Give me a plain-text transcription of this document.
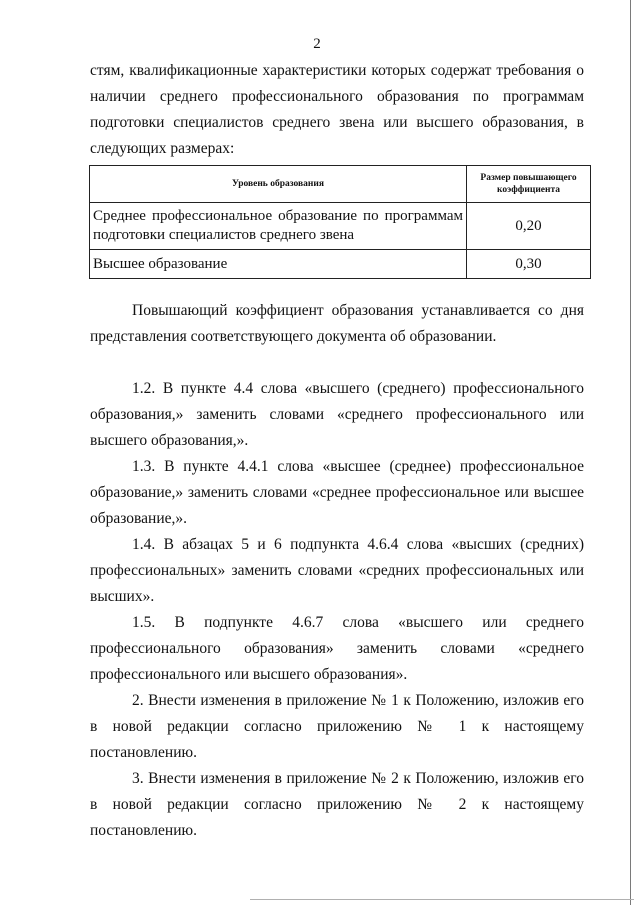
2

стям, квалификационные характеристики которых содержат требования о наличии среднего профессионального образования по программам подготовки специалистов среднего звена или высшего образования, в следующих размерах:

Уровень образования	Размер повышающего коэффициента
Среднее профессиональное образование по программам подготовки специалистов среднего звена	0,20
Высшее образование	0,30

Повышающий коэффициент образования устанавливается со дня представления соответствующего документа об образовании.

1.2. В пункте 4.4 слова «высшего (среднего) профессионального образования,» заменить словами «среднего профессионального или высшего образования,».

1.3. В пункте 4.4.1 слова «высшее (среднее) профессиональное образование,» заменить словами «среднее профессиональное или высшее образование,».

1.4. В абзацах 5 и 6 подпункта 4.6.4 слова «высших (средних) профессиональных» заменить словами «средних профессиональных или высших».

1.5. В подпункте 4.6.7 слова «высшего или среднего профессионального образования» заменить словами «среднего профессионального или высшего образования».

2. Внести изменения в приложение № 1 к Положению, изложив его в новой редакции согласно приложению № 1 к настоящему постановлению.

3. Внести изменения в приложение № 2 к Положению, изложив его в новой редакции согласно приложению № 2 к настоящему постановлению.
